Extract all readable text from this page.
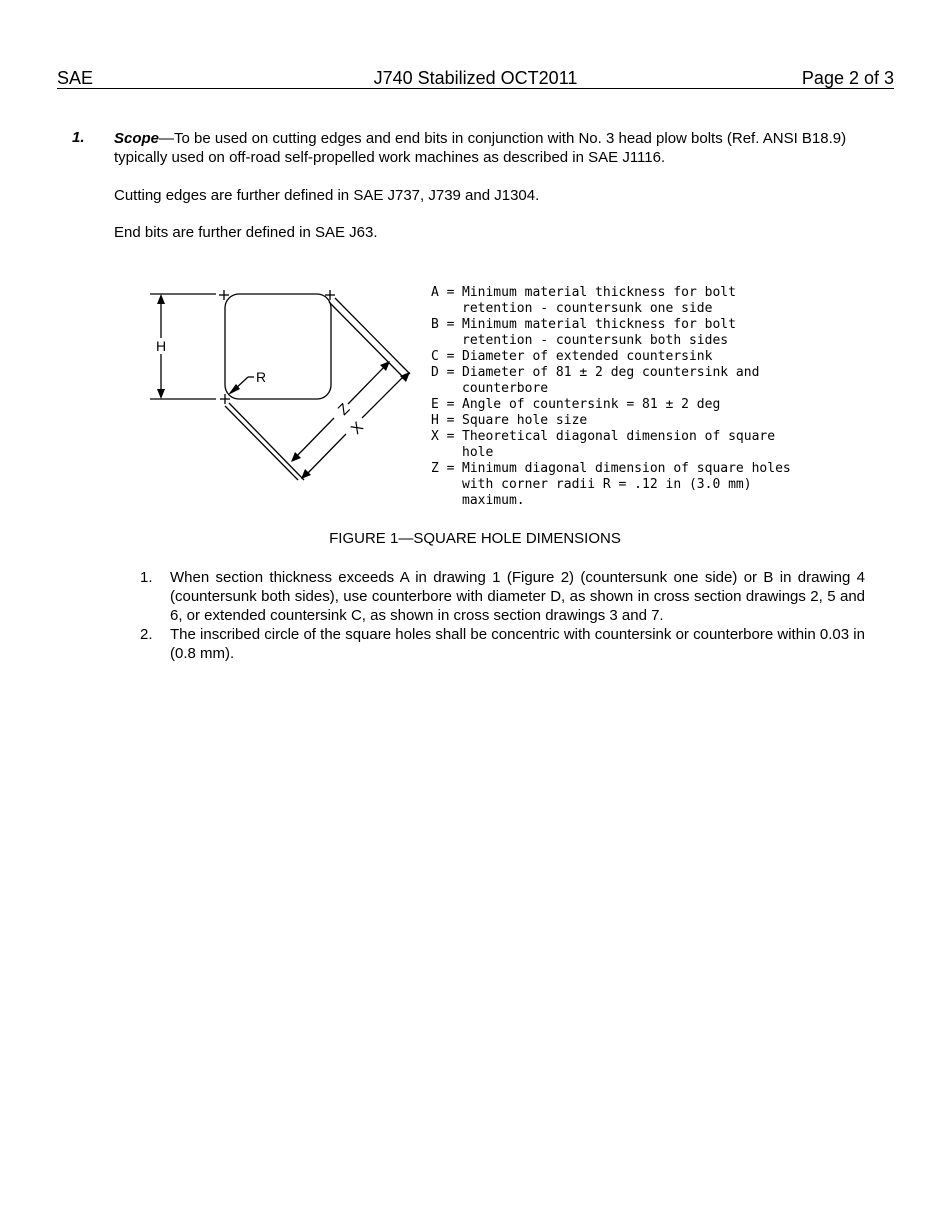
SAE	J740 Stabilized OCT2011	Page 2 of 3
1. Scope—To be used on cutting edges and end bits in conjunction with No. 3 head plow bolts (Ref. ANSI B18.9) typically used on off-road self-propelled work machines as described in SAE J1116.
Cutting edges are further defined in SAE J737, J739 and J1304.
End bits are further defined in SAE J63.
H
R
Z
X
A = Minimum material thickness for bolt
retention - countersunk one side
B = Minimum material thickness for bolt
retention - countersunk both sides
C = Diameter of extended countersink
D = Diameter of 81 ± 2 deg countersink and
counterbore
E = Angle of countersink = 81 ± 2 deg
H = Square hole size
X = Theoretical diagonal dimension of square
hole
Z = Minimum diagonal dimension of square holes
with corner radii R = .12 in (3.0 mm)
maximum.
FIGURE 1—SQUARE HOLE DIMENSIONS
1. When section thickness exceeds A in drawing 1 (Figure 2) (countersunk one side) or B in drawing 4 (countersunk both sides), use counterbore with diameter D, as shown in cross section drawings 2, 5 and 6, or extended countersink C, as shown in cross section drawings 3 and 7.
2. The inscribed circle of the square holes shall be concentric with countersink or counterbore within 0.03 in (0.8 mm).
